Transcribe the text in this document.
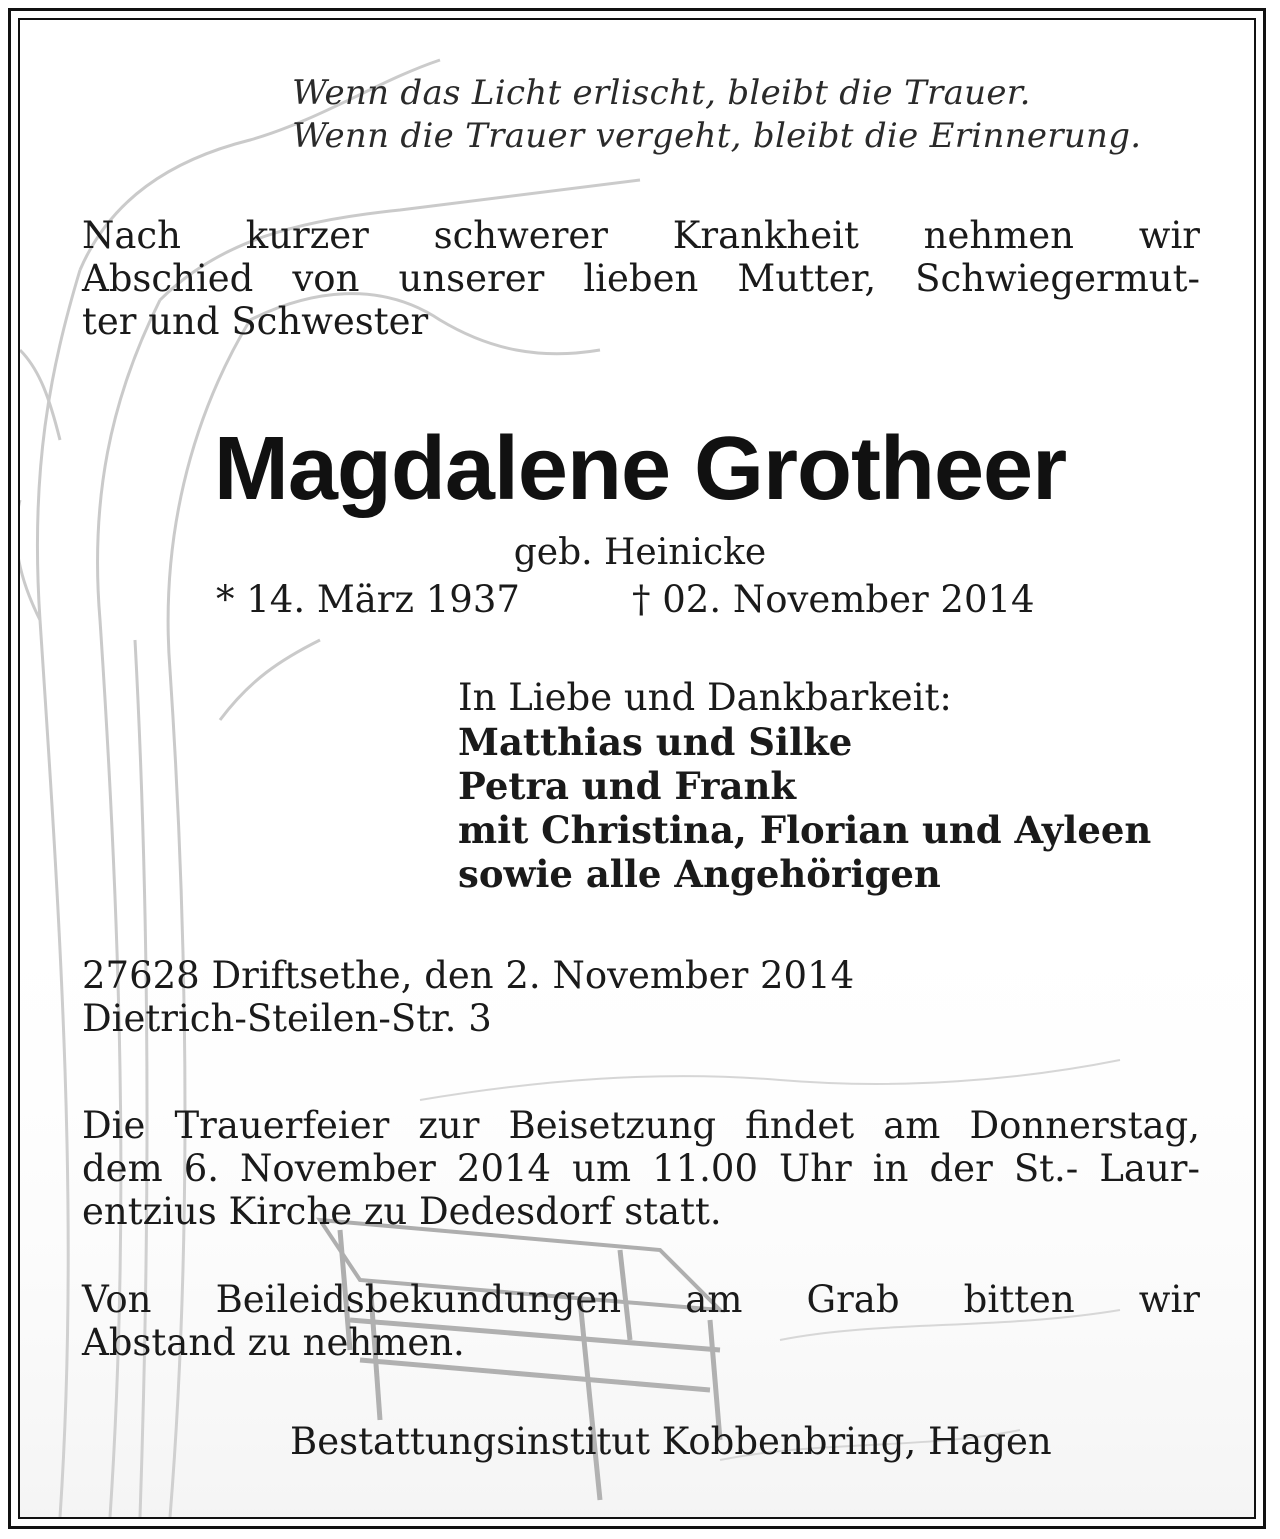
Wenn das Licht erlischt, bleibt die Trauer.
Wenn die Trauer vergeht, bleibt die Erinnerung.
Nach kurzer schwerer Krankheit nehmen wir
Abschied von unserer lieben Mutter, Schwiegermut-
ter und Schwester
Magdalene Grotheer
geb. Heinicke
* 14. März 1937	† 02. November 2014
In Liebe und Dankbarkeit:
Matthias und Silke
Petra und Frank
mit Christina, Florian und Ayleen
sowie alle Angehörigen
27628 Driftsethe, den 2. November 2014
Dietrich-Steilen-Str. 3
Die Trauerfeier zur Beisetzung findet am Donnerstag,
dem 6. November 2014 um 11.00 Uhr in der St.- Laur-
entzius Kirche zu Dedesdorf statt.
Von Beileidsbekundungen am Grab bitten wir
Abstand zu nehmen.
Bestattungsinstitut Kobbenbring, Hagen
